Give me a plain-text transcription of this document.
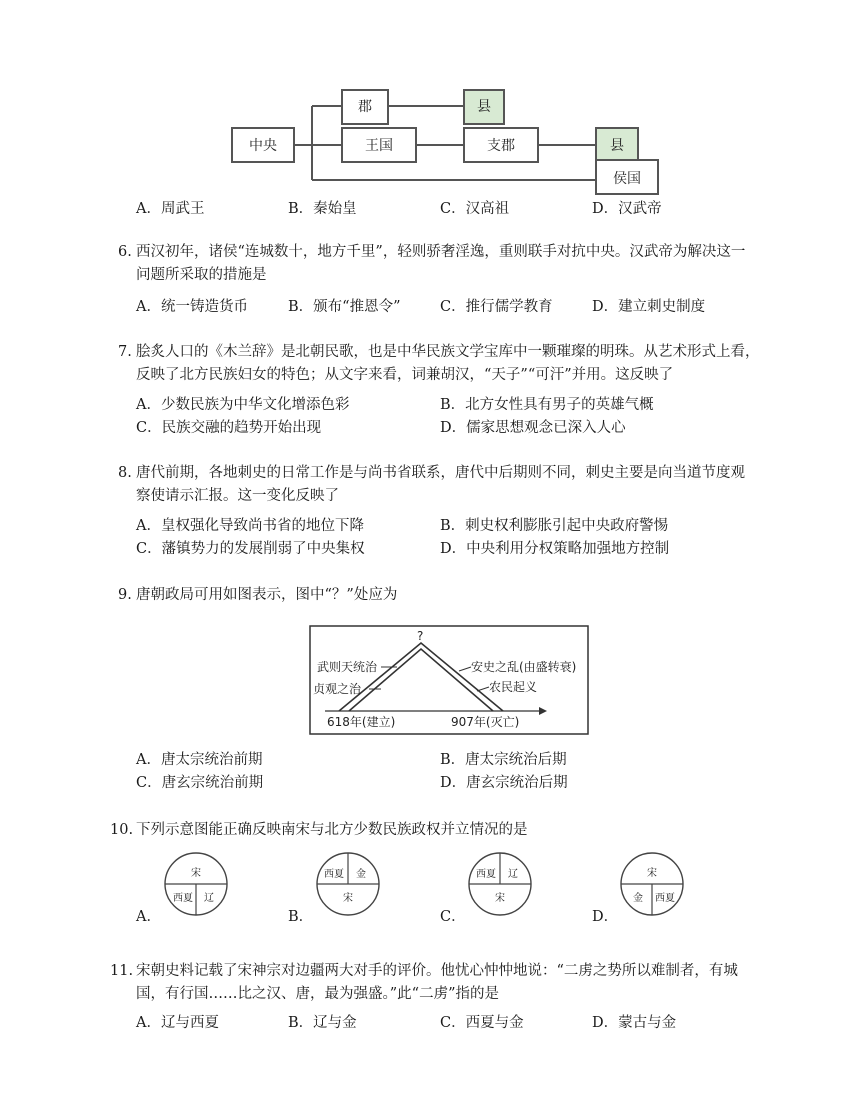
中央
郡	县
王国	支郡	县
侯国
A．周武王	B．秦始皇	C．汉高祖	D．汉武帝
6. 西汉初年，诸侯“连城数十，地方千里”，轻则骄奢淫逸，重则联手对抗中央。汉武帝为解决这一
问题所采取的措施是
A．统一铸造货币	B．颁布“推恩令”	C．推行儒学教育	D．建立刺史制度
7. 脍炙人口的《木兰辞》是北朝民歌，也是中华民族文学宝库中一颗璀璨的明珠。从艺术形式上看，
反映了北方民族妇女的特色；从文字来看，词兼胡汉，“天子”“可汗”并用。这反映了
A．少数民族为中华文化增添色彩	B．北方女性具有男子的英雄气概
C．民族交融的趋势开始出现	D．儒家思想观念已深入人心
8. 唐代前期，各地刺史的日常工作是与尚书省联系，唐代中后期则不同，刺史主要是向当道节度观
察使请示汇报。这一变化反映了
A．皇权强化导致尚书省的地位下降	B．刺史权利膨胀引起中央政府警惕
C．藩镇势力的发展削弱了中央集权	D．中央利用分权策略加强地方控制
9. 唐朝政局可用如图表示，图中“？”处应为
?
武则天统治
贞观之治
安史之乱(由盛转衰)
农民起义
618年(建立)	907年(灭亡)
A．唐太宗统治前期	B．唐太宗统治后期
C．唐玄宗统治前期	D．唐玄宗统治后期
10. 下列示意图能正确反映南宋与北方少数民族政权并立情况的是
A．
宋
西夏 辽
B．
西夏 金
宋
C．
西夏 辽
宋
D．
宋
金 西夏
11. 宋朝史料记载了宋神宗对边疆两大对手的评价。他忧心忡忡地说：“二虏之势所以难制者，有城
国，有行国……比之汉、唐，最为强盛。”此“二虏”指的是
A．辽与西夏	B．辽与金	C．西夏与金	D．蒙古与金
